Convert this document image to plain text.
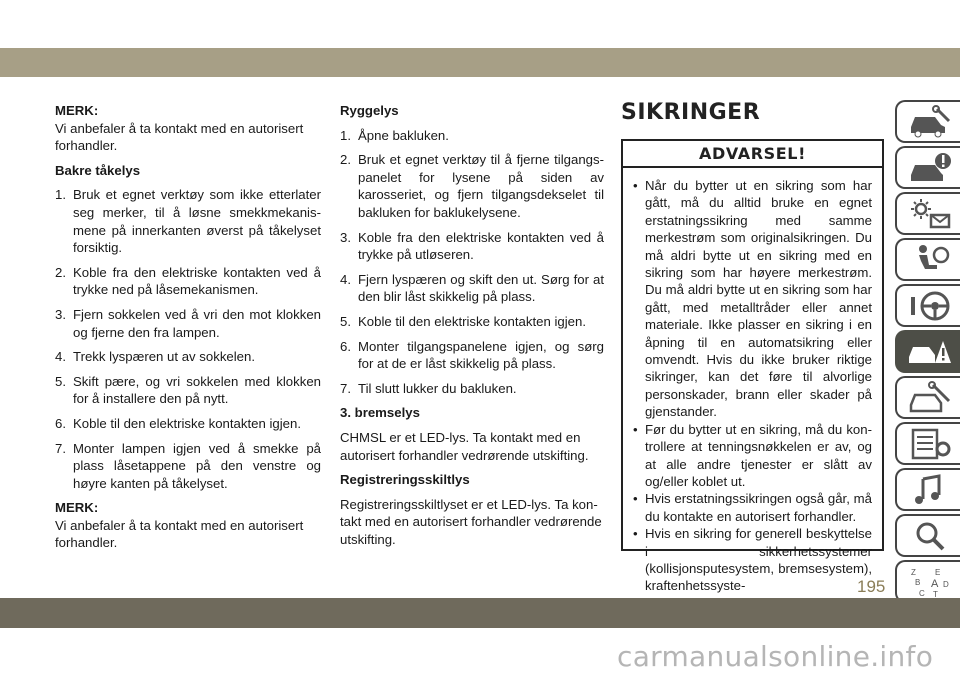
MERK:

Vi anbefaler å ta kontakt med en autorisert forhandler.

Bakre tåkelys

1. Bruk et egnet verktøy som ikke etterlater seg merker, til å løsne smekkmekanismene på innerkanten øverst på tåkelyset forsiktig.
2. Koble fra den elektriske kontakten ved å trykke ned på låsemekanismen.
3. Fjern sokkelen ved å vri den mot klokken og fjerne den fra lampen.
4. Trekk lyspæren ut av sokkelen.
5. Skift pære, og vri sokkelen med klokken for å installere den på nytt.
6. Koble til den elektriske kontakten igjen.
7. Monter lampen igjen ved å smekke på plass låsetappene på den venstre og høyre kanten på tåkelyset.

MERK:

Vi anbefaler å ta kontakt med en autorisert forhandler.

Ryggelys

1. Åpne bakluken.
2. Bruk et egnet verktøy til å fjerne tilgangspanelet for lysene på siden av karosseriet, og fjern tilgangsdekselet til bakluken for baklukelysene.
3. Koble fra den elektriske kontakten ved å trykke på utløseren.
4. Fjern lyspæren og skift den ut. Sørg for at den blir låst skikkelig på plass.
5. Koble til den elektriske kontakten igjen.
6. Monter tilgangspanelene igjen, og sørg for at de er låst skikkelig på plass.
7. Til slutt lukker du bakluken.

3. bremselys

CHMSL er et LED-lys. Ta kontakt med en autorisert forhandler vedrørende utskifting.

Registreringsskiltlys

Registreringsskiltlyset er et LED-lys. Ta kontakt med en autorisert forhandler vedrørende utskifting.

SIKRINGER
ADVARSEL!
• Når du bytter ut en sikring som har gått, må du alltid bruke en egnet erstatningssikring med samme merkestrøm som originalsikringen. Du må aldri bytte ut en sikring med en sikring som har høyere merkestrøm. Du må aldri bytte ut en sikring som har gått, med metalltråder eller annet materiale. Ikke plasser en sikring i en åpning til en automatsikring eller omvendt. Hvis du ikke bruker riktige sikringer, kan det føre til alvorlige personskader, brann eller skader på gjenstander.
• Før du bytter ut en sikring, må du kontrollere at tenningsnøkkelen er av, og at alle andre tjenester er slått av og/eller koblet ut.
• Hvis erstatningssikringen også går, må du kontakte en autorisert forhandler.
• Hvis en sikring for generell beskyttelse i sikkerhetssystemer (kollisjonsputesystem, bremsesystem), kraftenhetssyste-
Z E
B A D
C T
195
carmanualsonline.info
